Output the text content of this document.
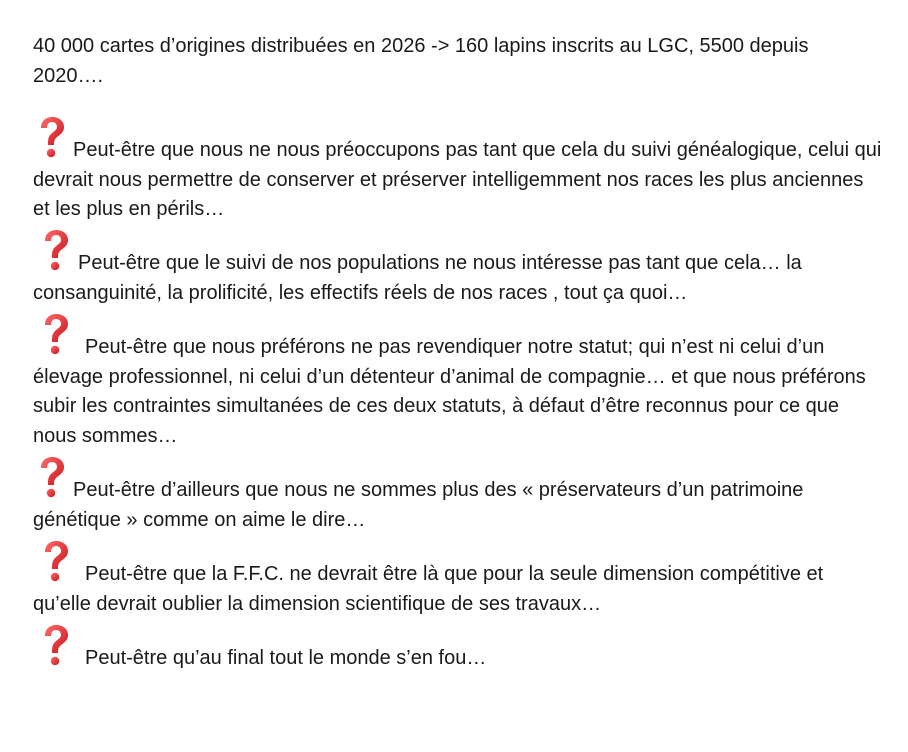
40 000 cartes d’origines distribuées en 2026 -> 160 lapins inscrits au LGC, 5500 depuis 2020….

Peut-être que nous ne nous préoccupons pas tant que cela du suivi généalogique, celui qui devrait nous permettre de conserver et préserver intelligemment nos races les plus anciennes et les plus en périls…

Peut-être que le suivi de nos populations ne nous intéresse pas tant que cela… la consanguinité, la prolificité, les effectifs réels de nos races , tout ça quoi…

Peut-être que nous préférons ne pas revendiquer notre statut; qui n’est ni celui d’un élevage professionnel, ni celui d’un détenteur d’animal de compagnie… et que nous préférons subir les contraintes simultanées de ces deux statuts, à défaut d’être reconnus pour ce que nous sommes…

Peut-être d’ailleurs que nous ne sommes plus des « préservateurs d’un patrimoine génétique » comme on aime le dire…

Peut-être que la F.F.C. ne devrait être là que pour la seule dimension compétitive et qu’elle devrait oublier la dimension scientifique de ses travaux…

Peut-être qu’au final tout le monde s’en fou…
